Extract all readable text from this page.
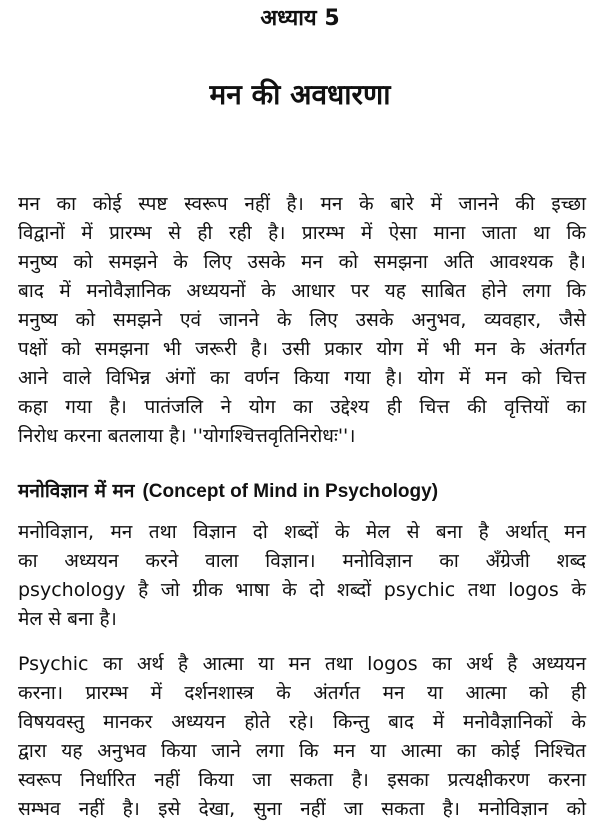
अध्याय 5
मन की अवधारणा

मन का कोई स्पष्ट स्वरूप नहीं है। मन के बारे में जानने की इच्छा
विद्वानों में प्रारम्भ से ही रही है। प्रारम्भ में ऐसा माना जाता था कि
मनुष्य को समझने के लिए उसके मन को समझना अति आवश्यक है।
बाद में मनोवैज्ञानिक अध्ययनों के आधार पर यह साबित होने लगा कि
मनुष्य को समझने एवं जानने के लिए उसके अनुभव, व्यवहार, जैसे
पक्षों को समझना भी जरूरी है। उसी प्रकार योग में भी मन के अंतर्गत
आने वाले विभिन्न अंगों का वर्णन किया गया है। योग में मन को चित्त
कहा गया है। पातंजलि ने योग का उद्देश्य ही चित्त की वृत्तियों का
निरोध करना बतलाया है। ''योगश्चित्तवृतिनिरोधः''।

मनोविज्ञान में मन (Concept of Mind in Psychology)

मनोविज्ञान, मन तथा विज्ञान दो शब्दों के मेल से बना है अर्थात् मन
का अध्ययन करने वाला विज्ञान। मनोविज्ञान का अँग्रेजी शब्द
psychology है जो ग्रीक भाषा के दो शब्दों psychic तथा logos के
मेल से बना है।

Psychic का अर्थ है आत्मा या मन तथा logos का अर्थ है अध्ययन
करना। प्रारम्भ में दर्शनशास्त्र के अंतर्गत मन या आत्मा को ही
विषयवस्तु मानकर अध्ययन होते रहे। किन्तु बाद में मनोवैज्ञानिकों के
द्वारा यह अनुभव किया जाने लगा कि मन या आत्मा का कोई निश्चित
स्वरूप निर्धारित नहीं किया जा सकता है। इसका प्रत्यक्षीकरण करना
सम्भव नहीं है। इसे देखा, सुना नहीं जा सकता है। मनोविज्ञान को
